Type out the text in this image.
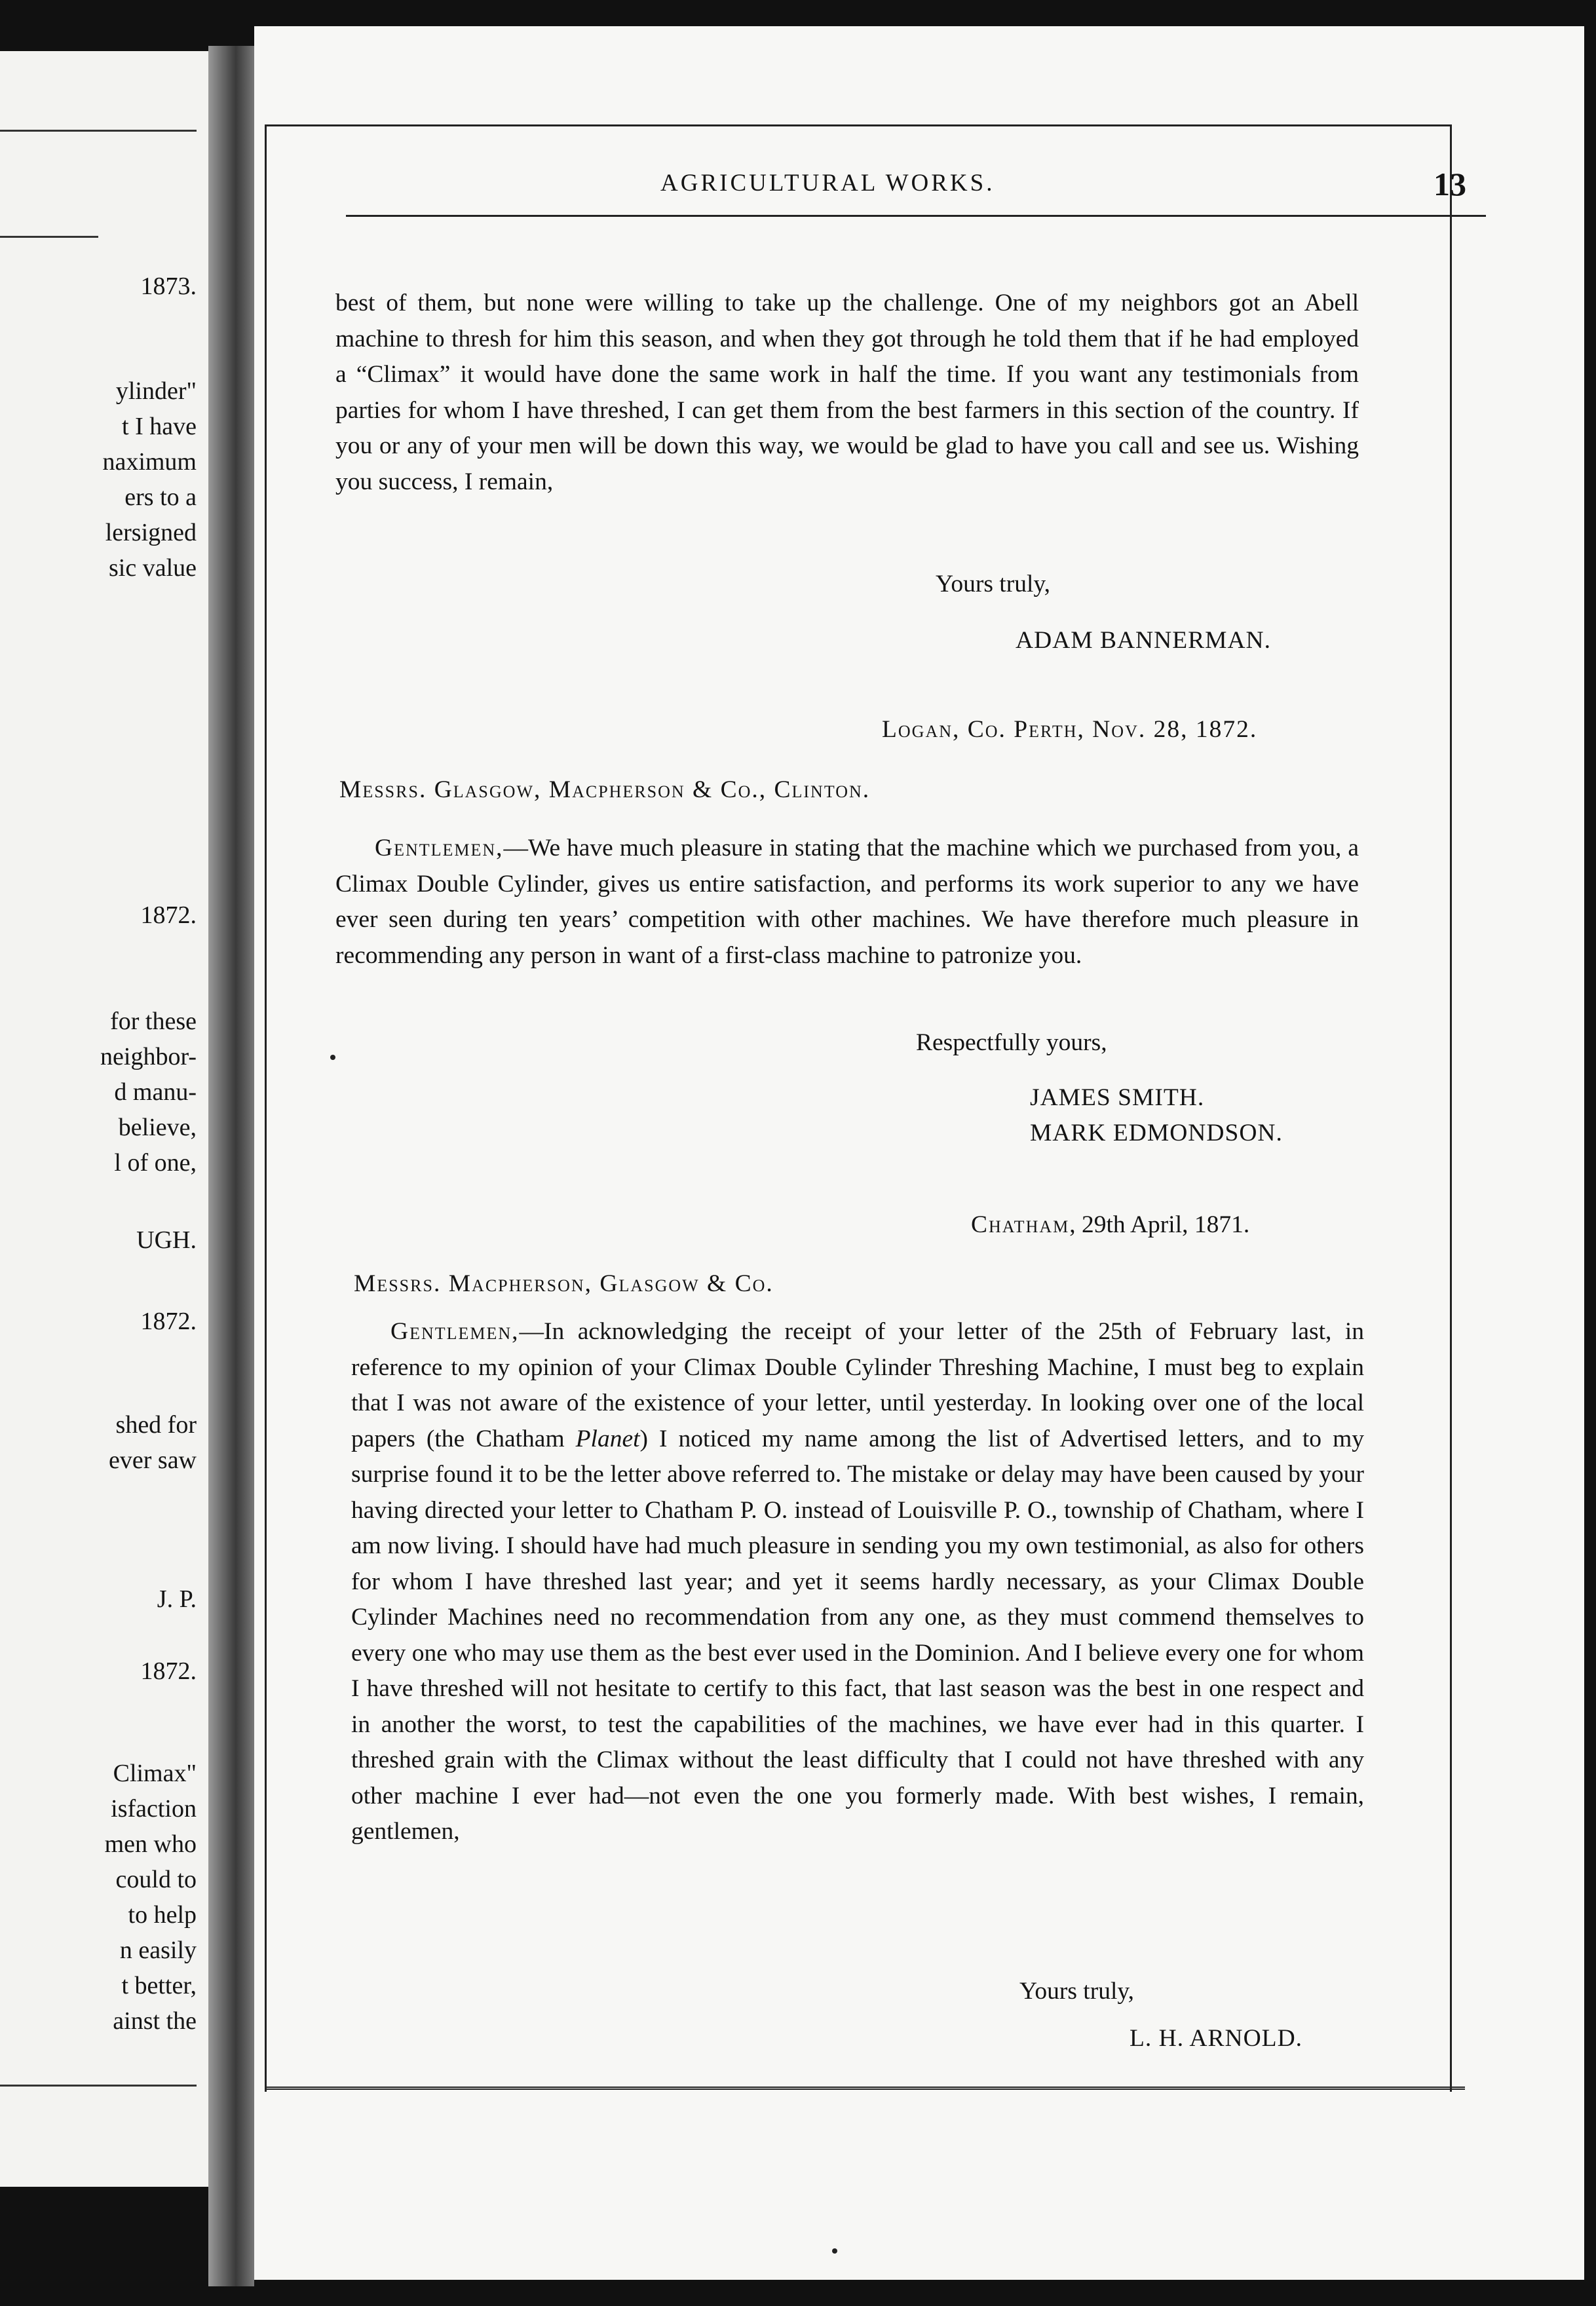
1873.
ylinder"
t I have
naximum
ers to a
lersigned
sic value
1872.
for these
neighbor-
d manu-
believe,
l of one,
UGH.
1872.
shed for
ever saw
J. P.
1872.
Climax"
isfaction
men who
could to
to help
n easily
t better,
ainst the
AGRICULTURAL WORKS.	13

best of them, but none were willing to take up the challenge. One of my neighbors got an Abell machine to thresh for him this season, and when they got through he told them that if he had employed a “Climax” it would have done the same work in half the time. If you want any testimonials from parties for whom I have threshed, I can get them from the best farmers in this section of the country. If you or any of your men will be down this way, we would be glad to have you call and see us. Wishing you success, I remain,

Yours truly,

ADAM BANNERMAN.

Logan, Co. Perth, Nov. 28, 1872.

Messrs. Glasgow, Macpherson & Co., Clinton.

Gentlemen,—We have much pleasure in stating that the machine which we purchased from you, a Climax Double Cylinder, gives us entire satisfaction, and performs its work superior to any we have ever seen during ten years’ competition with other machines. We have therefore much pleasure in recommending any person in want of a first-class machine to patronize you.

Respectfully yours,

JAMES SMITH.

MARK EDMONDSON.

Chatham, 29th April, 1871.

Messrs. Macpherson, Glasgow & Co.

Gentlemen,—In acknowledging the receipt of your letter of the 25th of February last, in reference to my opinion of your Climax Double Cylinder Threshing Machine, I must beg to explain that I was not aware of the existence of your letter, until yesterday. In looking over one of the local papers (the Chatham Planet) I noticed my name among the list of Advertised letters, and to my surprise found it to be the letter above referred to. The mistake or delay may have been caused by your having directed your letter to Chatham P. O. instead of Louisville P. O., township of Chatham, where I am now living. I should have had much pleasure in sending you my own testimonial, as also for others for whom I have threshed last year; and yet it seems hardly necessary, as your Climax Double Cylinder Machines need no recommendation from any one, as they must commend themselves to every one who may use them as the best ever used in the Dominion. And I believe every one for whom I have threshed will not hesitate to certify to this fact, that last season was the best in one respect and in another the worst, to test the capabilities of the machines, we have ever had in this quarter. I threshed grain with the Climax without the least difficulty that I could not have threshed with any other machine I ever had—not even the one you formerly made. With best wishes, I remain, gentlemen,

Yours truly,

L. H. ARNOLD.
